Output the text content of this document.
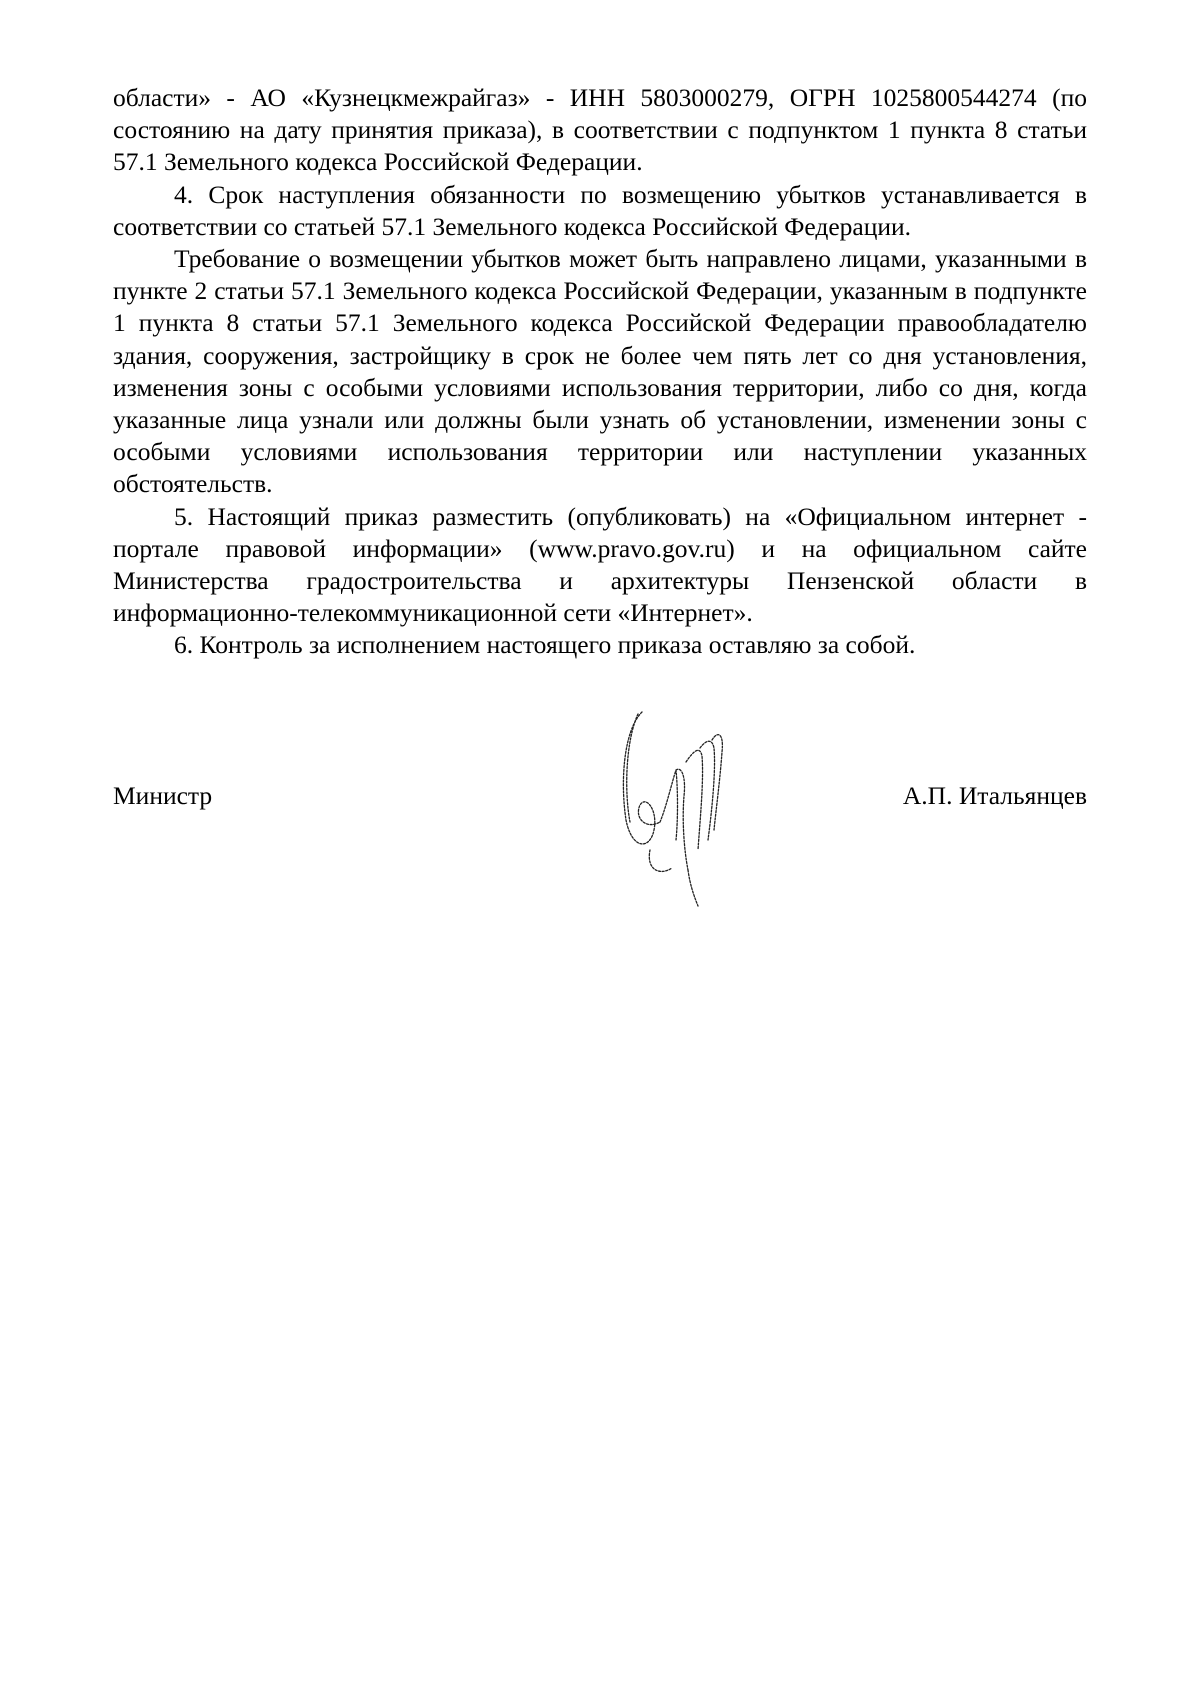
области» - АО «Кузнецкмежрайгаз» - ИНН 5803000279, ОГРН 1025800544274 (по состоянию на дату принятия приказа), в соответствии с подпунктом 1 пункта 8 статьи 57.1 Земельного кодекса Российской Федерации.

4. Срок наступления обязанности по возмещению убытков устанавливается в соответствии со статьей 57.1 Земельного кодекса Российской Федерации.

Требование о возмещении убытков может быть направлено лицами, указанными в пункте 2 статьи 57.1 Земельного кодекса Российской Федерации, указанным в подпункте 1 пункта 8 статьи 57.1 Земельного кодекса Российской Федерации правообладателю здания, сооружения, застройщику в срок не более чем пять лет со дня установления, изменения зоны с особыми условиями использования территории, либо со дня, когда указанные лица узнали или должны были узнать об установлении, изменении зоны с особыми условиями использования территории или наступлении указанных обстоятельств.

5. Настоящий приказ разместить (опубликовать) на «Официальном интернет - портале правовой информации» (www.pravo.gov.ru) и на официальном сайте Министерства градостроительства и архитектуры Пензенской области в информационно-телекоммуникационной сети «Интернет».

6. Контроль за исполнением настоящего приказа оставляю за собой.

Министр	А.П. Итальянцев
